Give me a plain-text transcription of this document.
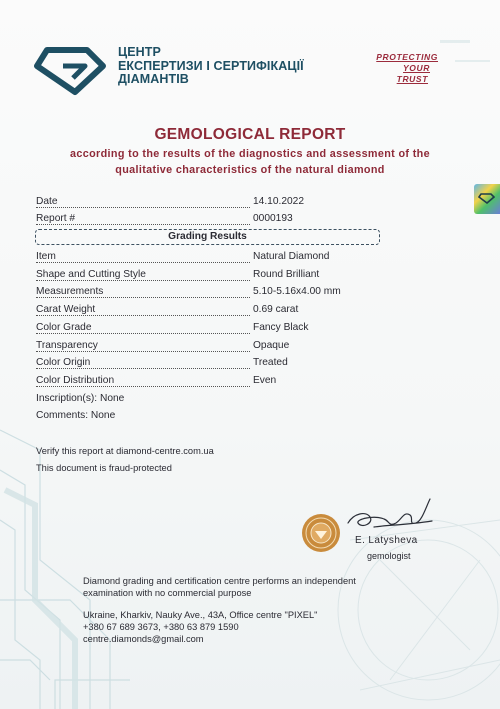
ЦЕНТР
ЕКСПЕРТИЗИ І СЕРТИФІКАЦІЇ
ДІАМАНТІВ
PROTECTING
YOUR
TRUST
GEMOLOGICAL REPORT
according to the results of the diagnostics and assessment of the
qualitative characteristics of the natural diamond
Date	14.10.2022
Report #	0000193
Grading Results
Item	Natural Diamond
Shape and Cutting Style	Round Brilliant
Measurements	5.10-5.16x4.00 mm
Carat Weight	0.69 carat
Color Grade	Fancy Black
Transparency	Opaque
Color Origin	Treated
Color Distribution	Even
Inscription(s): None
Comments: None
Verify this report at diamond-centre.com.ua
This document is fraud-protected
E. Latysheva
gemologist
Diamond grading and certification centre performs an independent
examination with no commercial purpose
Ukraine, Kharkiv, Nauky Ave., 43A, Office centre "PIXEL"
+380 67 689 3673, +380 63 879 1590
centre.diamonds@gmail.com
